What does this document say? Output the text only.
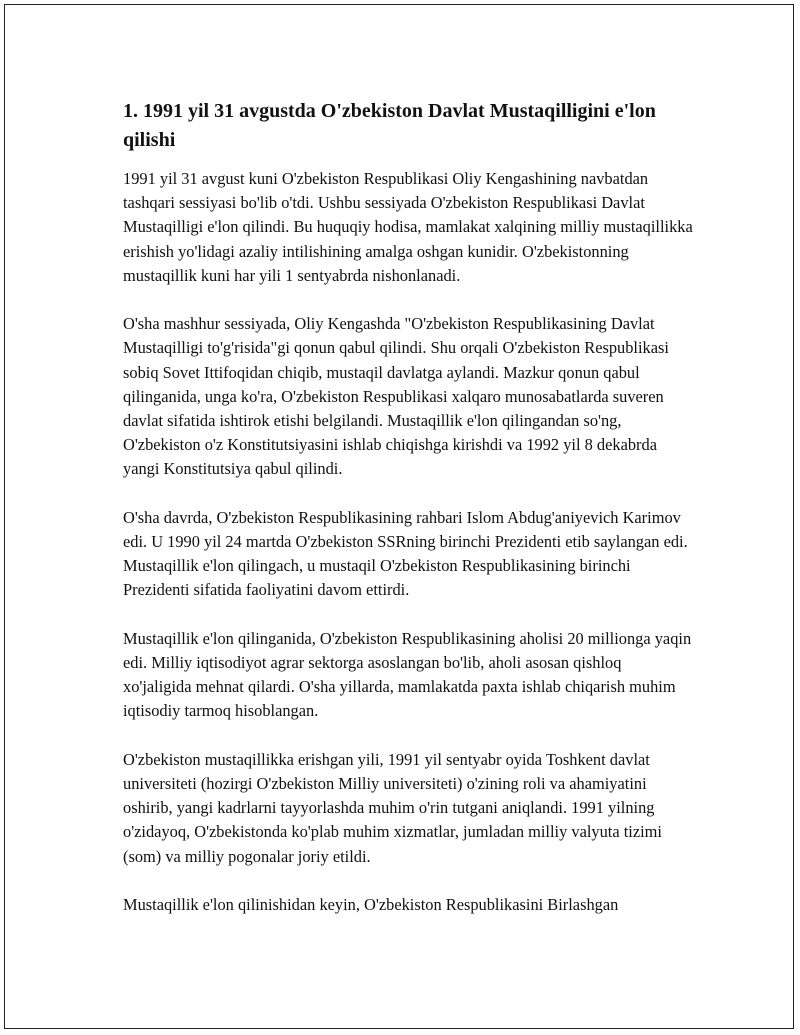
1. 1991 yil 31 avgustda O'zbekiston Davlat Mustaqilligini e'lon qilishi

1991 yil 31 avgust kuni O'zbekiston Respublikasi Oliy Kengashining navbatdan tashqari sessiyasi bo'lib o'tdi. Ushbu sessiyada O'zbekiston Respublikasi Davlat Mustaqilligi e'lon qilindi. Bu huquqiy hodisa, mamlakat xalqining milliy mustaqillikka erishish yo'lidagi azaliy intilishining amalga oshgan kunidir. O'zbekistonning mustaqillik kuni har yili 1 sentyabrda nishonlanadi.

O'sha mashhur sessiyada, Oliy Kengashda "O'zbekiston Respublikasining Davlat Mustaqilligi to'g'risida"gi qonun qabul qilindi. Shu orqali O'zbekiston Respublikasi sobiq Sovet Ittifoqidan chiqib, mustaqil davlatga aylandi. Mazkur qonun qabul qilinganida, unga ko'ra, O'zbekiston Respublikasi xalqaro munosabatlarda suveren davlat sifatida ishtirok etishi belgilandi. Mustaqillik e'lon qilingandan so'ng, O'zbekiston o'z Konstitutsiyasini ishlab chiqishga kirishdi va 1992 yil 8 dekabrda yangi Konstitutsiya qabul qilindi.

O'sha davrda, O'zbekiston Respublikasining rahbari Islom Abdug'aniyevich Karimov edi. U 1990 yil 24 martda O'zbekiston SSRning birinchi Prezidenti etib saylangan edi. Mustaqillik e'lon qilingach, u mustaqil O'zbekiston Respublikasining birinchi Prezidenti sifatida faoliyatini davom ettirdi.

Mustaqillik e'lon qilinganida, O'zbekiston Respublikasining aholisi 20 millionga yaqin edi. Milliy iqtisodiyot agrar sektorga asoslangan bo'lib, aholi asosan qishloq xo'jaligida mehnat qilardi. O'sha yillarda, mamlakatda paxta ishlab chiqarish muhim iqtisodiy tarmoq hisoblangan.

O'zbekiston mustaqillikka erishgan yili, 1991 yil sentyabr oyida Toshkent davlat universiteti (hozirgi O'zbekiston Milliy universiteti) o'zining roli va ahamiyatini oshirib, yangi kadrlarni tayyorlashda muhim o'rin tutgani aniqlandi. 1991 yilning o'zidayoq, O'zbekistonda ko'plab muhim xizmatlar, jumladan milliy valyuta tizimi (som) va milliy pogonalar joriy etildi.

Mustaqillik e'lon qilinishidan keyin, O'zbekiston Respublikasini Birlashgan
